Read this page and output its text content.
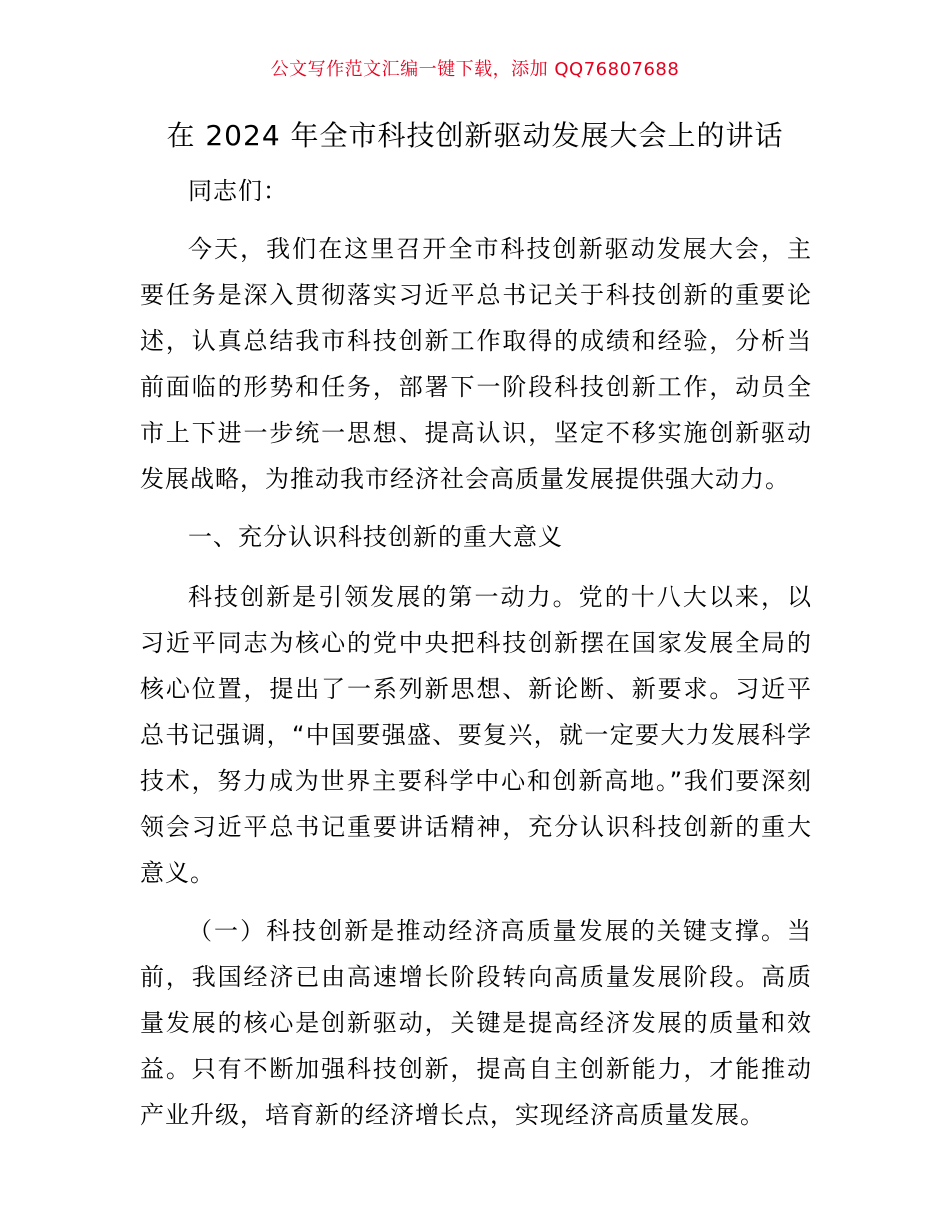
公文写作范文汇编一键下载，添加 QQ76807688
在 2024 年全市科技创新驱动发展大会上的讲话

同志们：

今天，我们在这里召开全市科技创新驱动发展大会，主要任务是深入贯彻落实习近平总书记关于科技创新的重要论述，认真总结我市科技创新工作取得的成绩和经验，分析当前面临的形势和任务，部署下一阶段科技创新工作，动员全市上下进一步统一思想、提高认识，坚定不移实施创新驱动发展战略，为推动我市经济社会高质量发展提供强大动力。

一、充分认识科技创新的重大意义

科技创新是引领发展的第一动力。党的十八大以来，以习近平同志为核心的党中央把科技创新摆在国家发展全局的核心位置，提出了一系列新思想、新论断、新要求。习近平总书记强调，“中国要强盛、要复兴，就一定要大力发展科学技术，努力成为世界主要科学中心和创新高地。”我们要深刻领会习近平总书记重要讲话精神，充分认识科技创新的重大意义。

（一）科技创新是推动经济高质量发展的关键支撑。当前，我国经济已由高速增长阶段转向高质量发展阶段。高质量发展的核心是创新驱动，关键是提高经济发展的质量和效益。只有不断加强科技创新，提高自主创新能力，才能推动产业升级，培育新的经济增长点，实现经济高质量发展。
